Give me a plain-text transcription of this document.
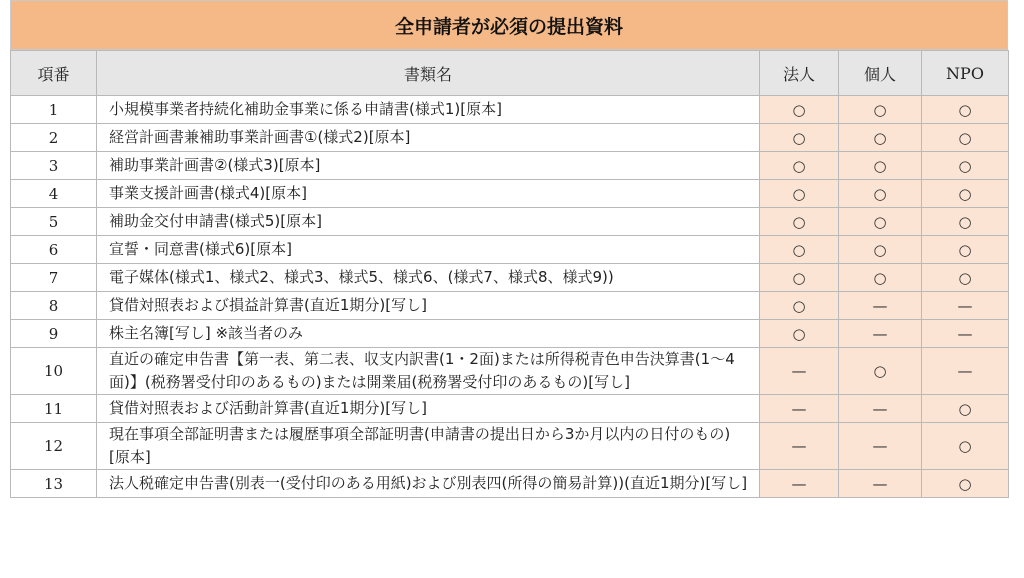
全申請者が必須の提出資料
項番	書類名	法人	個人	NPO
1	小規模事業者持続化補助金事業に係る申請書(様式1)[原本]	○	○	○
2	経営計画書兼補助事業計画書①(様式2)[原本]	○	○	○
3	補助事業計画書②(様式3)[原本]	○	○	○
4	事業支援計画書(様式4)[原本]	○	○	○
5	補助金交付申請書(様式5)[原本]	○	○	○
6	宣誓・同意書(様式6)[原本]	○	○	○
7	電子媒体(様式1、様式2、様式3、様式5、様式6、(様式7、様式8、様式9))	○	○	○
8	貸借対照表および損益計算書(直近1期分)[写し]	○	—	—
9	株主名簿[写し] ※該当者のみ	○	—	—
10	直近の確定申告書【第一表、第二表、収支内訳書(1・2面)または所得税青色申告決算書(1～4面)】(税務署受付印のあるもの)または開業届(税務署受付印のあるもの)[写し]	—	○	—
11	貸借対照表および活動計算書(直近1期分)[写し]	—	—	○
12	現在事項全部証明書または履歴事項全部証明書(申請書の提出日から3か月以内の日付のもの)[原本]	—	—	○
13	法人税確定申告書(別表一(受付印のある用紙)および別表四(所得の簡易計算))(直近1期分)[写し]	—	—	○
